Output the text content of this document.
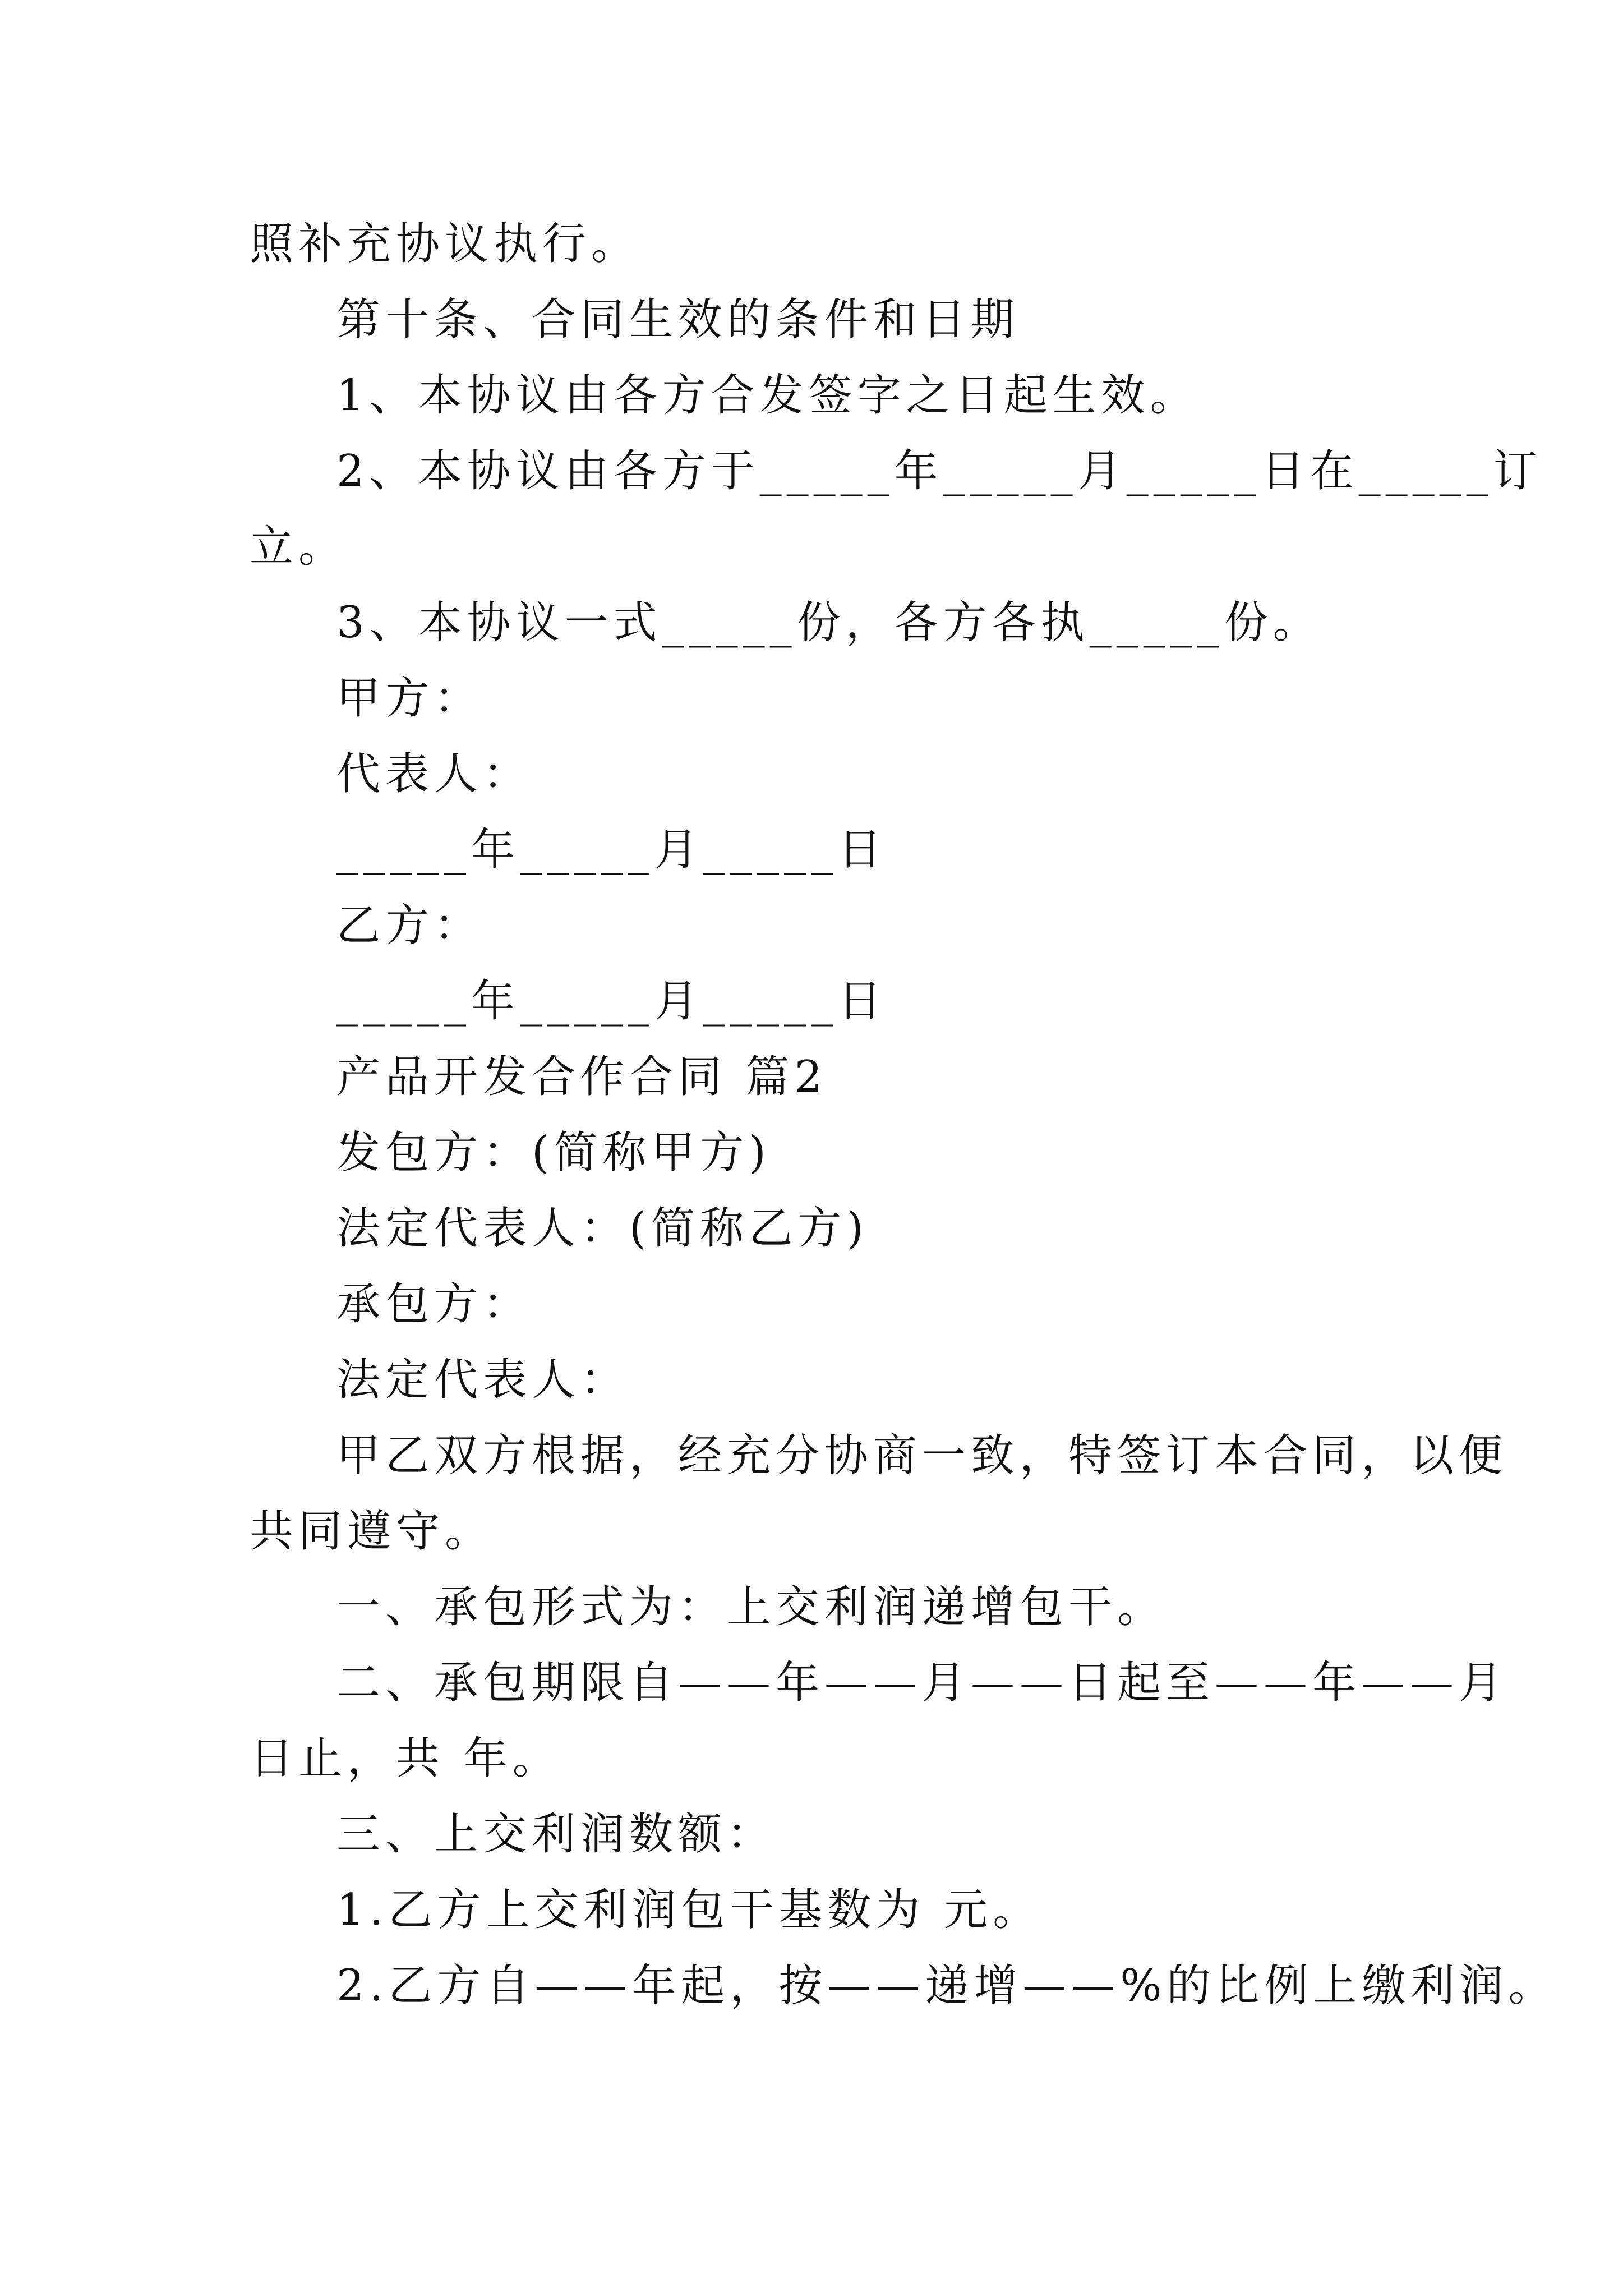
照补充协议执行。
第十条、合同生效的条件和日期
1、本协议由各方合发签字之日起生效。
2、本协议由各方于_____年_____月_____日在_____订
立。
3、本协议一式_____份，各方各执_____份。
甲方：
代表人：
_____年_____月_____日
乙方：
_____年_____月_____日
产品开发合作合同 篇2
发包方：(简称甲方)
法定代表人：(简称乙方)
承包方：
法定代表人：
甲乙双方根据，经充分协商一致，特签订本合同，以便
共同遵守。
一、承包形式为：上交利润递增包干。
二、承包期限自——年——月——日起至——年——月
日止，共 年。
三、上交利润数额：
1.乙方上交利润包干基数为 元。
2.乙方自——年起，按——递增——%的比例上缴利润。
